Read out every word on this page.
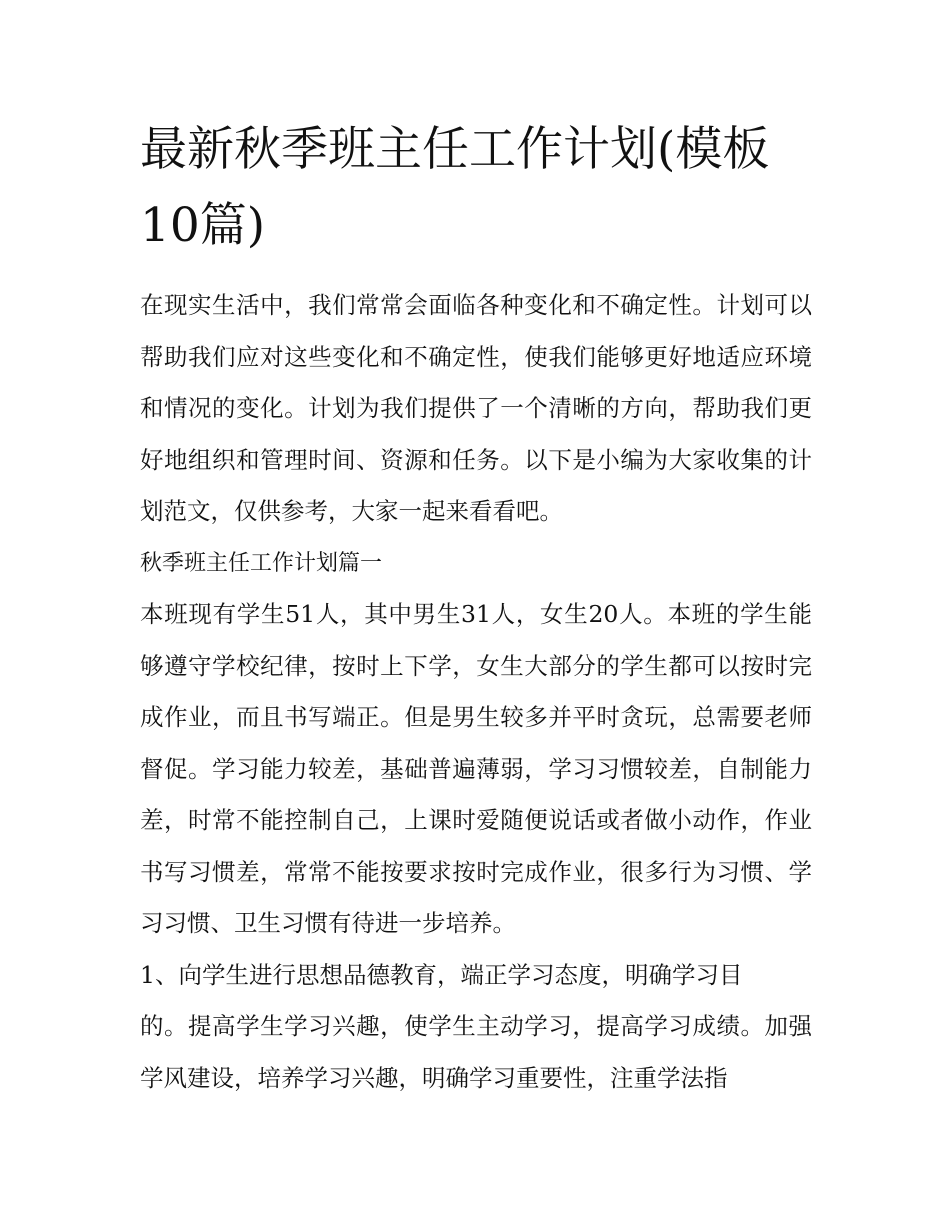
最新秋季班主任工作计划(模板10篇)

在现实生活中，我们常常会面临各种变化和不确定性。计划可以帮助我们应对这些变化和不确定性，使我们能够更好地适应环境和情况的变化。计划为我们提供了一个清晰的方向，帮助我们更好地组织和管理时间、资源和任务。以下是小编为大家收集的计划范文，仅供参考，大家一起来看看吧。

秋季班主任工作计划篇一

本班现有学生51人，其中男生31人，女生20人。本班的学生能够遵守学校纪律，按时上下学，女生大部分的学生都可以按时完成作业，而且书写端正。但是男生较多并平时贪玩，总需要老师督促。学习能力较差，基础普遍薄弱，学习习惯较差，自制能力差，时常不能控制自己，上课时爱随便说话或者做小动作，作业书写习惯差，常常不能按要求按时完成作业，很多行为习惯、学习习惯、卫生习惯有待进一步培养。

1、向学生进行思想品德教育，端正学习态度，明确学习目

的。提高学生学习兴趣，使学生主动学习，提高学习成绩。加强学风建设，培养学习兴趣，明确学习重要性，注重学法指
